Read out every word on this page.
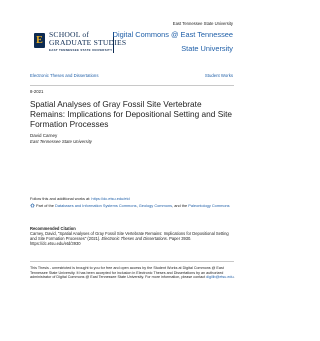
E
SCHOOL of
GRADUATE STUDIES
EAST TENNESSEE STATE UNIVERSITY
East Tennessee State University
Digital Commons @ East Tennessee
State University
Electronic Theses and Dissertations	Student Works
8-2021
Spatial Analyses of Gray Fossil Site Vertebrate Remains: Implications for Depositional Setting and Site Formation Processes
David Carney
East Tennessee State University
Follow this and additional works at: https://dc.etsu.edu/etd
Part of the Databases and Information Systems Commons, Geology Commons, and the Paleontology Commons
Recommended Citation
Carney, David, "Spatial Analyses of Gray Fossil Site Vertebrate Remains: Implications for Depositional Setting and Site Formation Processes" (2021). Electronic Theses and Dissertations. Paper 3930. https://dc.etsu.edu/etd/3930
This Thesis - unrestricted is brought to you for free and open access by the Student Works at Digital Commons @ East Tennessee State University. It has been accepted for inclusion in Electronic Theses and Dissertations by an authorized administrator of Digital Commons @ East Tennessee State University. For more information, please contact digilib@etsu.edu.
